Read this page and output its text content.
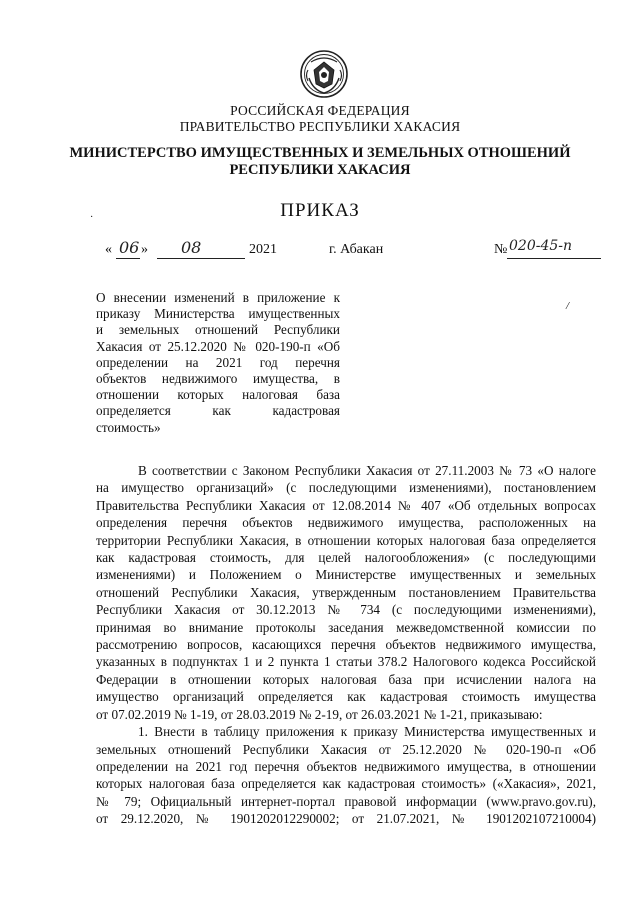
РОССИЙСКАЯ ФЕДЕРАЦИЯ
ПРАВИТЕЛЬСТВО РЕСПУБЛИКИ ХАКАСИЯ
МИНИСТЕРСТВО ИМУЩЕСТВЕННЫХ И ЗЕМЕЛЬНЫХ ОТНОШЕНИЙ
РЕСПУБЛИКИ ХАКАСИЯ
ПРИКАЗ
·
« 06 » 08	2021	г. Абакан	№ 020-45-п
О внесении изменений в приложение к
приказу Министерства имущественных
и земельных отношений Республики
Хакасия от 25.12.2020 № 020-190-п «Об
определении на 2021 год перечня
объектов недвижимого имущества, в
отношении которых налоговая база
определяется как кадастровая
стоимость»
/
В соответствии с Законом Республики Хакасия от 27.11.2003 № 73 «О налоге
на имущество организаций» (с последующими изменениями), постановлением
Правительства Республики Хакасия от 12.08.2014 № 407 «Об отдельных вопросах
определения перечня объектов недвижимого имущества, расположенных на
территории Республики Хакасия, в отношении которых налоговая база определяется
как кадастровая стоимость, для целей налогообложения» (с последующими
изменениями) и Положением о Министерстве имущественных и земельных
отношений Республики Хакасия, утвержденным постановлением Правительства
Республики Хакасия от 30.12.2013 № 734 (с последующими изменениями),
принимая во внимание протоколы заседания межведомственной комиссии по
рассмотрению вопросов, касающихся перечня объектов недвижимого имущества,
указанных в подпунктах 1 и 2 пункта 1 статьи 378.2 Налогового кодекса Российской
Федерации в отношении которых налоговая база при исчислении налога на
имущество организаций определяется как кадастровая стоимость имущества
от 07.02.2019 № 1-19, от 28.03.2019 № 2-19, от 26.03.2021 № 1-21, приказываю:
1. Внести в таблицу приложения к приказу Министерства имущественных и
земельных отношений Республики Хакасия от 25.12.2020 № 020-190-п «Об
определении на 2021 год перечня объектов недвижимого имущества, в отношении
которых налоговая база определяется как кадастровая стоимость» («Хакасия», 2021,
№ 79; Официальный интернет-портал правовой информации (www.pravo.gov.ru),
от 29.12.2020, № 1901202012290002; от 21.07.2021, № 1901202107210004)
